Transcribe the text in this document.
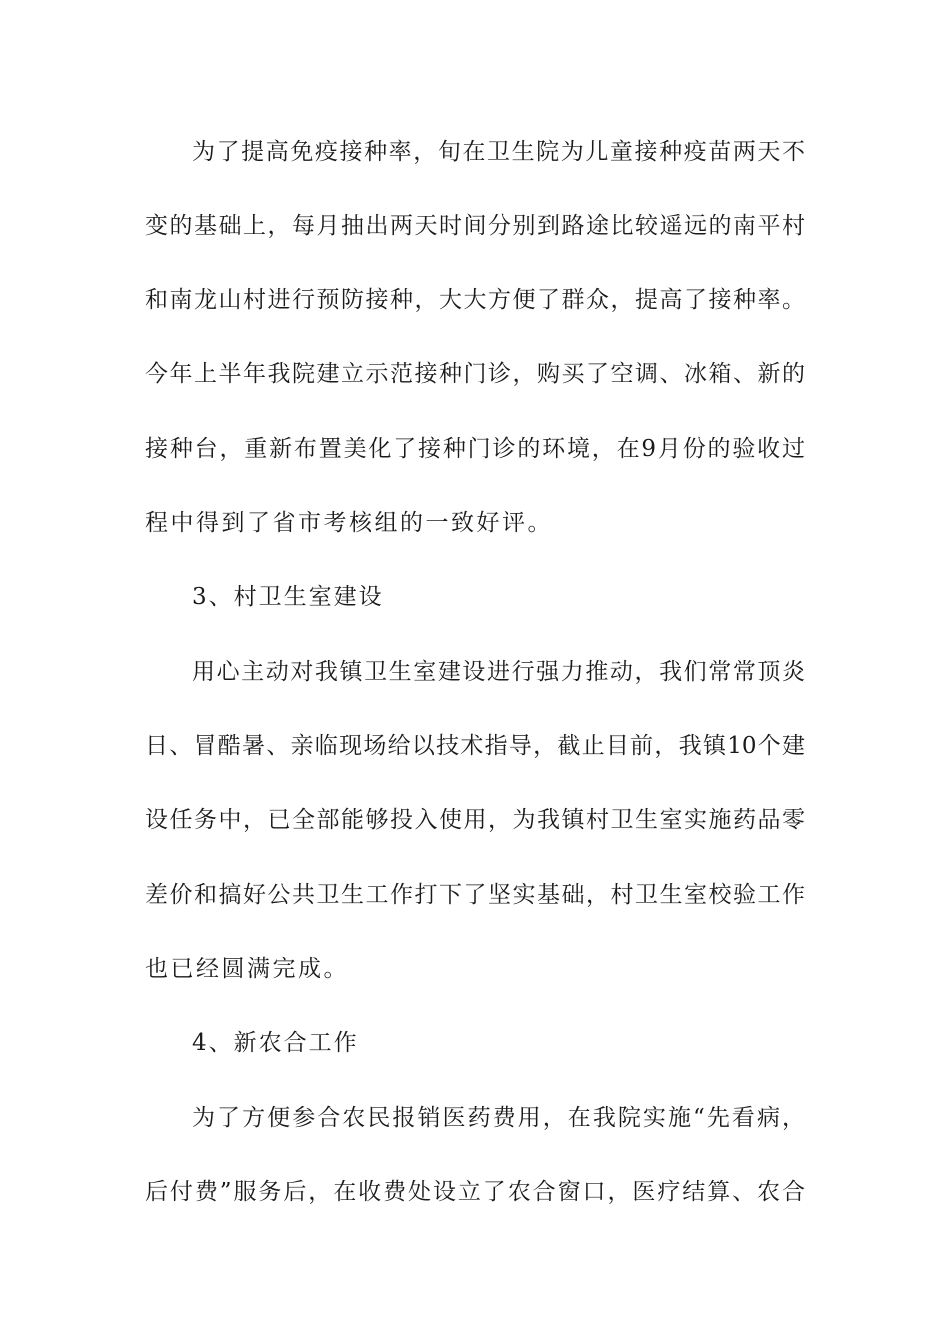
为了提高免疫接种率，旬在卫生院为儿童接种疫苗两天不
变的基础上，每月抽出两天时间分别到路途比较遥远的南平村
和南龙山村进行预防接种，大大方便了群众，提高了接种率。
今年上半年我院建立示范接种门诊，购买了空调、冰箱、新的
接种台，重新布置美化了接种门诊的环境，在9月份的验收过
程中得到了省市考核组的一致好评。
3、村卫生室建设
用心主动对我镇卫生室建设进行强力推动，我们常常顶炎
日、冒酷暑、亲临现场给以技术指导，截止目前，我镇10个建
设任务中，已全部能够投入使用，为我镇村卫生室实施药品零
差价和搞好公共卫生工作打下了坚实基础，村卫生室校验工作
也已经圆满完成。
4、新农合工作
为了方便参合农民报销医药费用，在我院实施“先看病，
后付费”服务后，在收费处设立了农合窗口，医疗结算、农合
